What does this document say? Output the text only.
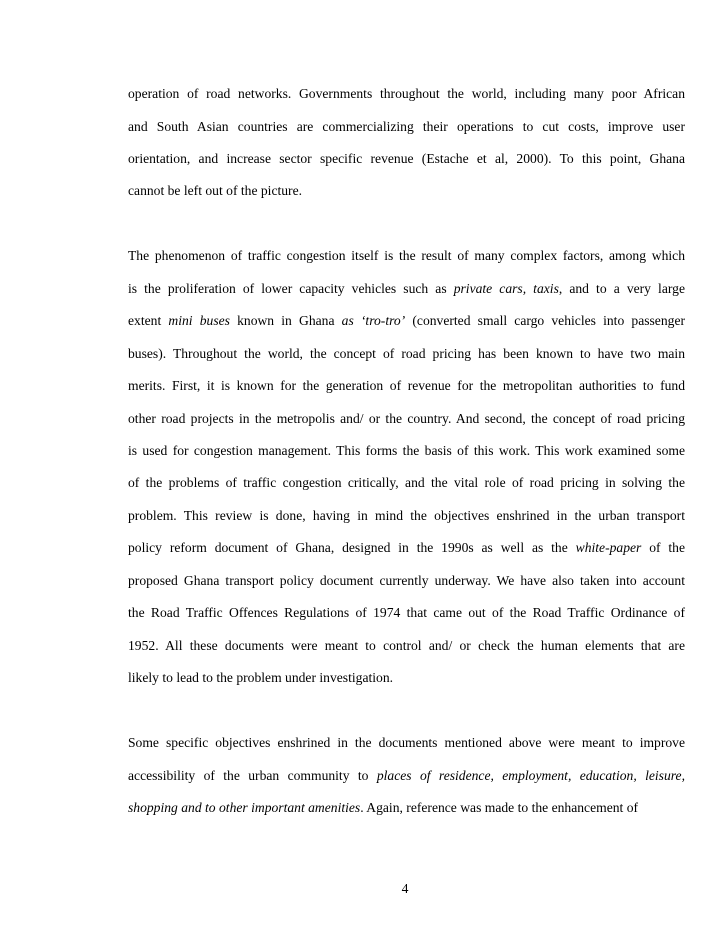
operation of road networks. Governments throughout the world, including many poor African
and South Asian countries are commercializing their operations to cut costs, improve user
orientation, and increase sector specific revenue (Estache et al, 2000). To this point, Ghana
cannot be left out of the picture.
The phenomenon of traffic congestion itself is the result of many complex factors, among which
is the proliferation of lower capacity vehicles such as private cars, taxis, and to a very large
extent mini buses known in Ghana as ‘tro-tro’ (converted small cargo vehicles into passenger
buses). Throughout the world, the concept of road pricing has been known to have two main
merits. First, it is known for the generation of revenue for the metropolitan authorities to fund
other road projects in the metropolis and/ or the country. And second, the concept of road pricing
is used for congestion management. This forms the basis of this work. This work examined some
of the problems of traffic congestion critically, and the vital role of road pricing in solving the
problem. This review is done, having in mind the objectives enshrined in the urban transport
policy reform document of Ghana, designed in the 1990s as well as the white-paper of the
proposed Ghana transport policy document currently underway. We have also taken into account
the Road Traffic Offences Regulations of 1974 that came out of the Road Traffic Ordinance of
1952. All these documents were meant to control and/ or check the human elements that are
likely to lead to the problem under investigation.
Some specific objectives enshrined in the documents mentioned above were meant to improve
accessibility of the urban community to places of residence, employment, education, leisure,
shopping and to other important amenities. Again, reference was made to the enhancement of
4
